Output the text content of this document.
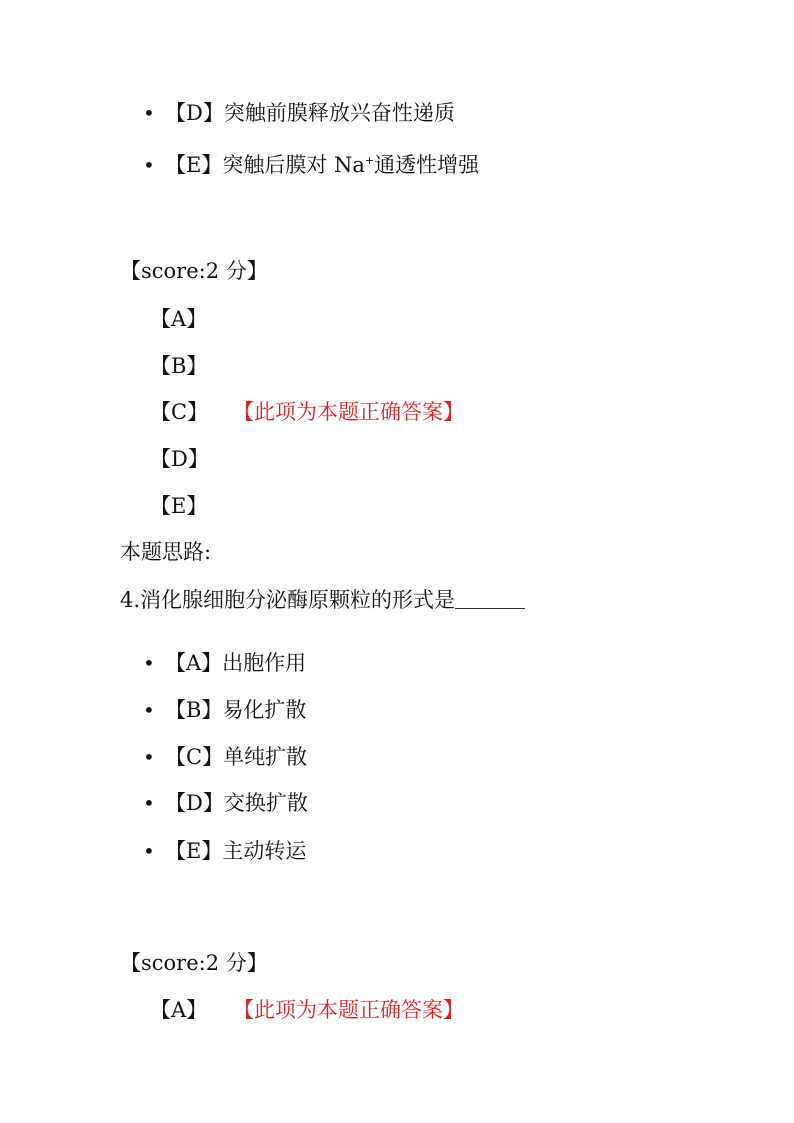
• 【D】突触前膜释放兴奋性递质
• 【E】突触后膜对 Na+通透性增强
【score:2 分】
【A】
【B】
【C】 【此项为本题正确答案】
【D】
【E】
本题思路:
4.消化腺细胞分泌酶原颗粒的形式是
• 【A】出胞作用
• 【B】易化扩散
• 【C】单纯扩散
• 【D】交换扩散
• 【E】主动转运
【score:2 分】
【A】 【此项为本题正确答案】
